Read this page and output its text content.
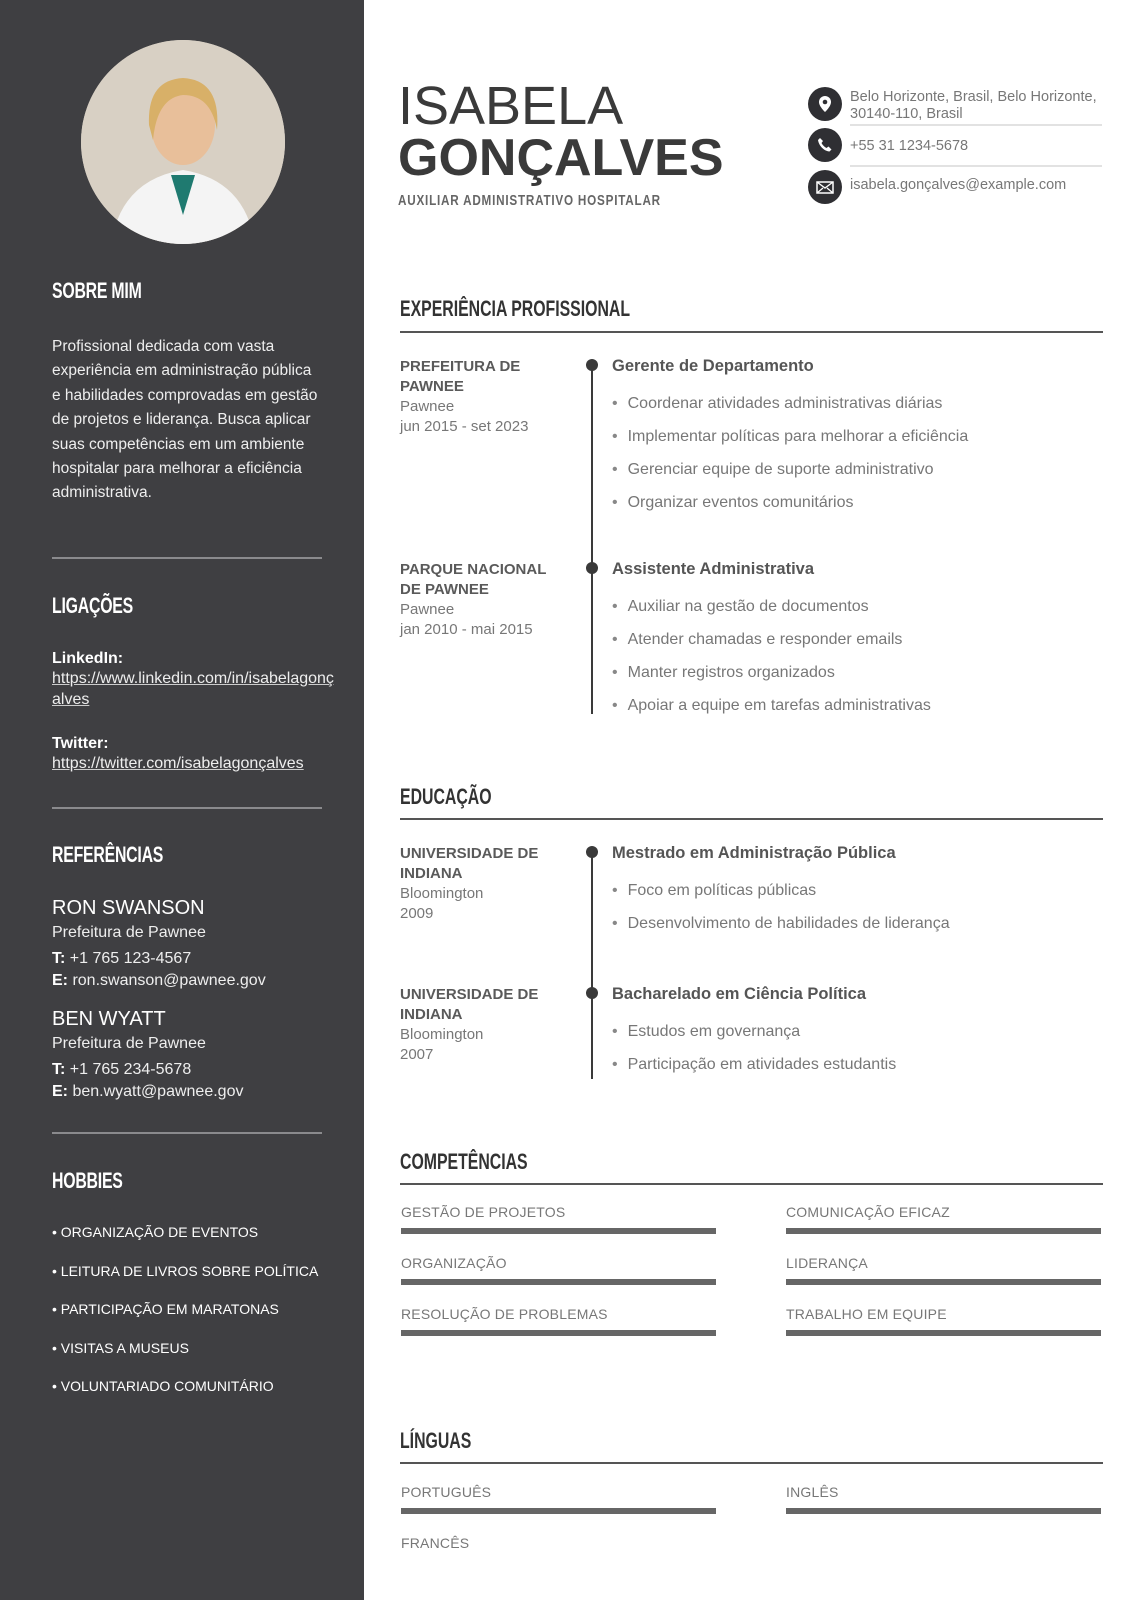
SOBRE MIM
Profissional dedicada com vasta experiência em administração pública e habilidades comprovadas em gestão de projetos e liderança. Busca aplicar suas competências em um ambiente hospitalar para melhorar a eficiência administrativa.
LIGAÇÕES
LinkedIn:
https://www.linkedin.com/in/isabelagonçalves
Twitter:
https://twitter.com/isabelagonçalves
REFERÊNCIAS
RON SWANSON
Prefeitura de Pawnee
T: +1 765 123-4567
E: ron.swanson@pawnee.gov
BEN WYATT
Prefeitura de Pawnee
T: +1 765 234-5678
E: ben.wyatt@pawnee.gov
HOBBIES
• ORGANIZAÇÃO DE EVENTOS
• LEITURA DE LIVROS SOBRE POLÍTICA
• PARTICIPAÇÃO EM MARATONAS
• VISITAS A MUSEUS
• VOLUNTARIADO COMUNITÁRIO
ISABELA
GONÇALVES
AUXILIAR ADMINISTRATIVO HOSPITALAR
Belo Horizonte, Brasil, Belo Horizonte,
30140-110, Brasil
+55 31 1234-5678
isabela.gonçalves@example.com
EXPERIÊNCIA PROFISSIONAL
PREFEITURA DE PAWNEE
Pawnee
jun 2015 - set 2023
Gerente de Departamento
• Coordenar atividades administrativas diárias
• Implementar políticas para melhorar a eficiência
• Gerenciar equipe de suporte administrativo
• Organizar eventos comunitários
PARQUE NACIONAL DE PAWNEE
Pawnee
jan 2010 - mai 2015
Assistente Administrativa
• Auxiliar na gestão de documentos
• Atender chamadas e responder emails
• Manter registros organizados
• Apoiar a equipe em tarefas administrativas
EDUCAÇÃO
UNIVERSIDADE DE INDIANA
Bloomington
2009
Mestrado em Administração Pública
• Foco em políticas públicas
• Desenvolvimento de habilidades de liderança
UNIVERSIDADE DE INDIANA
Bloomington
2007
Bacharelado em Ciência Política
• Estudos em governança
• Participação em atividades estudantis
COMPETÊNCIAS
GESTÃO DE PROJETOS	COMUNICAÇÃO EFICAZ
ORGANIZAÇÃO	LIDERANÇA
RESOLUÇÃO DE PROBLEMAS	TRABALHO EM EQUIPE
LÍNGUAS
PORTUGUÊS	INGLÊS
FRANCÊS
